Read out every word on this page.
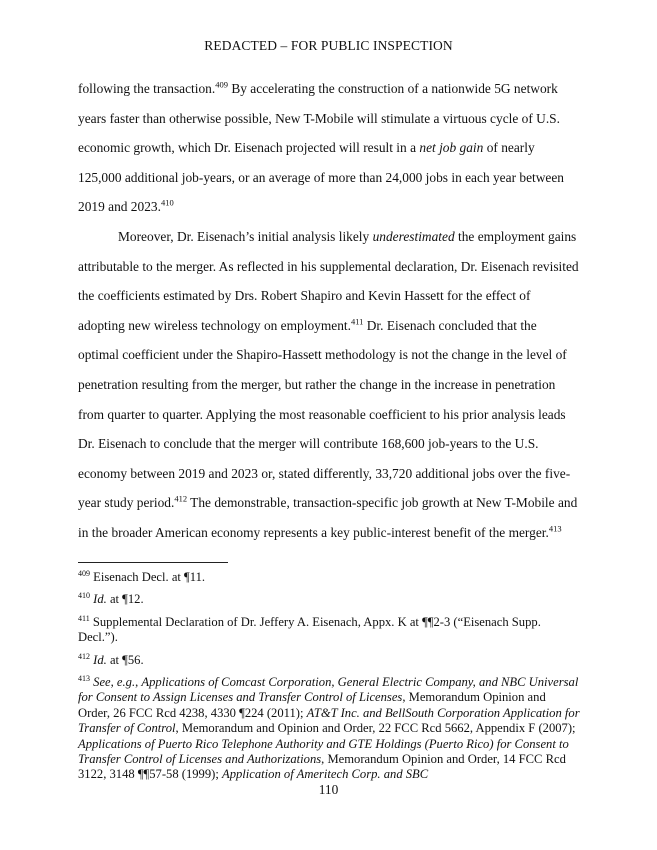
REDACTED – FOR PUBLIC INSPECTION

following the transaction.$^{409}$ By accelerating the construction of a nationwide 5G network years faster than otherwise possible, New T-Mobile will stimulate a virtuous cycle of U.S. economic growth, which Dr. Eisenach projected will result in a net job gain of nearly 125,000 additional job-years, or an average of more than 24,000 jobs in each year between 2019 and 2023.$^{410}$

Moreover, Dr. Eisenach’s initial analysis likely underestimated the employment gains attributable to the merger. As reflected in his supplemental declaration, Dr. Eisenach revisited the coefficients estimated by Drs. Robert Shapiro and Kevin Hassett for the effect of adopting new wireless technology on employment.$^{411}$ Dr. Eisenach concluded that the optimal coefficient under the Shapiro-Hassett methodology is not the change in the level of penetration resulting from the merger, but rather the change in the increase in penetration from quarter to quarter. Applying the most reasonable coefficient to his prior analysis leads Dr. Eisenach to conclude that the merger will contribute 168,600 job-years to the U.S. economy between 2019 and 2023 or, stated differently, 33,720 additional jobs over the five-year study period.$^{412}$ The demonstrable, transaction-specific job growth at New T-Mobile and in the broader American economy represents a key public-interest benefit of the merger.$^{413}$

$^{409}$ Eisenach Decl. at ¶11.

$^{410}$ Id. at ¶12.

$^{411}$ Supplemental Declaration of Dr. Jeffery A. Eisenach, Appx. K at ¶¶2-3 (“Eisenach Supp. Decl.”).

$^{412}$ Id. at ¶56.

$^{413}$ See, e.g., Applications of Comcast Corporation, General Electric Company, and NBC Universal for Consent to Assign Licenses and Transfer Control of Licenses, Memorandum Opinion and Order, 26 FCC Rcd 4238, 4330 ¶224 (2011); AT&T Inc. and BellSouth Corporation Application for Transfer of Control, Memorandum and Opinion and Order, 22 FCC Rcd 5662, Appendix F (2007); Applications of Puerto Rico Telephone Authority and GTE Holdings (Puerto Rico) for Consent to Transfer Control of Licenses and Authorizations, Memorandum Opinion and Order, 14 FCC Rcd 3122, 3148 ¶¶57-58 (1999); Application of Ameritech Corp. and SBC

110
